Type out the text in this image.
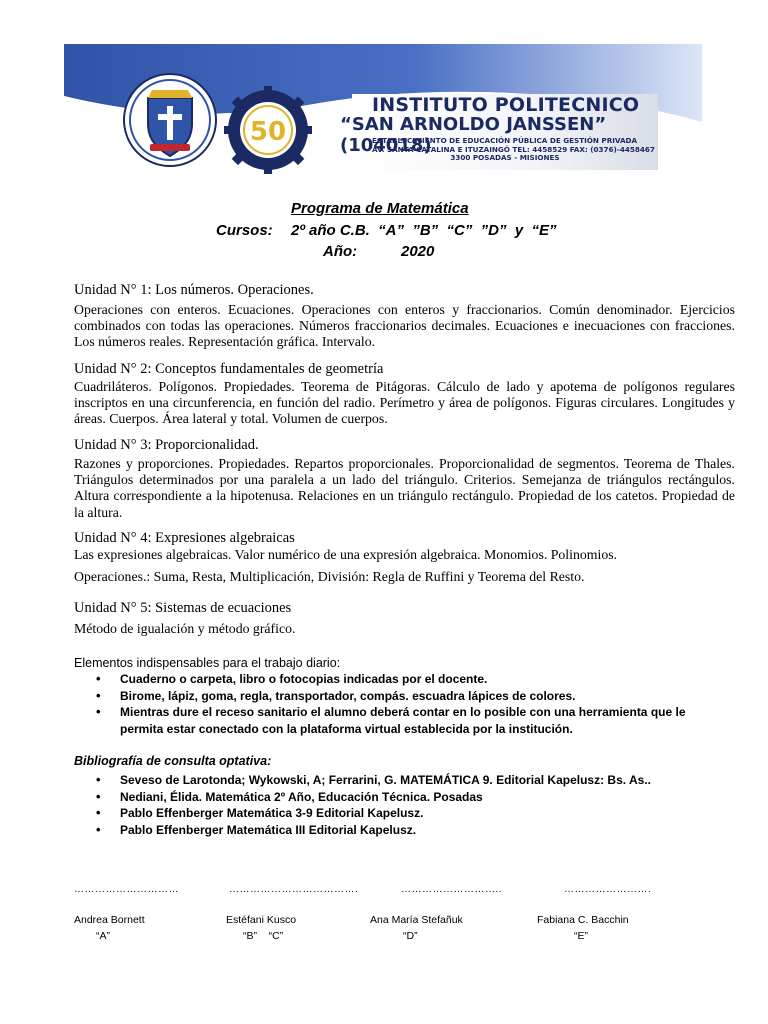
50
INSTITUTO POLITECNICO
“SAN ARNOLDO JANSSEN” (104018)
ESTABLECIMIENTO DE EDUCACIÓN PÚBLICA DE GESTIÓN PRIVADA
AV. SANTA CATALINA E ITUZAINGÓ TEL: 4458529 FAX: (0376)-4458467
3300 POSADAS - MISIONES
Programa de Matemática
Cursos: 2º año C.B.  “A”  ”B”  “C”  ”D”  y  “E”
Año:	2020
Unidad N° 1: Los números. Operaciones.
Operaciones con enteros. Ecuaciones. Operaciones con enteros y fraccionarios. Común denominador. Ejercicios combinados con todas las operaciones. Números fraccionarios decimales. Ecuaciones e inecuaciones con fracciones. Los números reales. Representación gráfica. Intervalo.
Unidad N° 2: Conceptos fundamentales de geometría
Cuadriláteros. Polígonos. Propiedades. Teorema de Pitágoras. Cálculo de lado y apotema de polígonos regulares inscriptos en una circunferencia, en función del radio. Perímetro y área de polígonos. Figuras circulares. Longitudes y áreas. Cuerpos. Área lateral y total. Volumen de cuerpos.
Unidad N° 3: Proporcionalidad.
Razones y proporciones. Propiedades. Repartos proporcionales. Proporcionalidad de segmentos. Teorema de Thales. Triángulos determinados por una paralela a un lado del triángulo. Criterios. Semejanza de triángulos rectángulos. Altura correspondiente a la hipotenusa. Relaciones en un triángulo rectángulo. Propiedad de los catetos. Propiedad de la altura.
Unidad N° 4: Expresiones algebraicas
Las expresiones algebraicas. Valor numérico de una expresión algebraica. Monomios. Polinomios.
Operaciones.: Suma, Resta, Multiplicación, División: Regla de Ruffini y Teorema del Resto.
Unidad N° 5: Sistemas de ecuaciones
Método de igualación y método gráfico.
Elementos indispensables para el trabajo diario:
• Cuaderno o carpeta, libro o fotocopias indicadas por el docente.
• Birome, lápiz, goma, regla, transportador, compás. escuadra lápices de colores.
• Mientras dure el receso sanitario el alumno deberá contar en lo posible con una herramienta que le permita estar conectado con la plataforma virtual establecida por la institución.
Bibliografía de consulta optativa:
• Seveso de Larotonda; Wykowski, A; Ferrarini, G. MATEMÁTICA 9. Editorial Kapelusz: Bs. As..
• Nediani, Élida. Matemática 2º Año, Educación Técnica. Posadas
• Pablo Effenberger Matemática 3-9 Editorial Kapelusz.
• Pablo Effenberger Matemática III Editorial Kapelusz.
…………………………	……………………………….	………………………..	…………………….
Andrea Bornett	Estéfani Kusco	Ana María Stefañuk	Fabiana C. Bacchin
“A”	“B”    “C”	“D”	“E”
